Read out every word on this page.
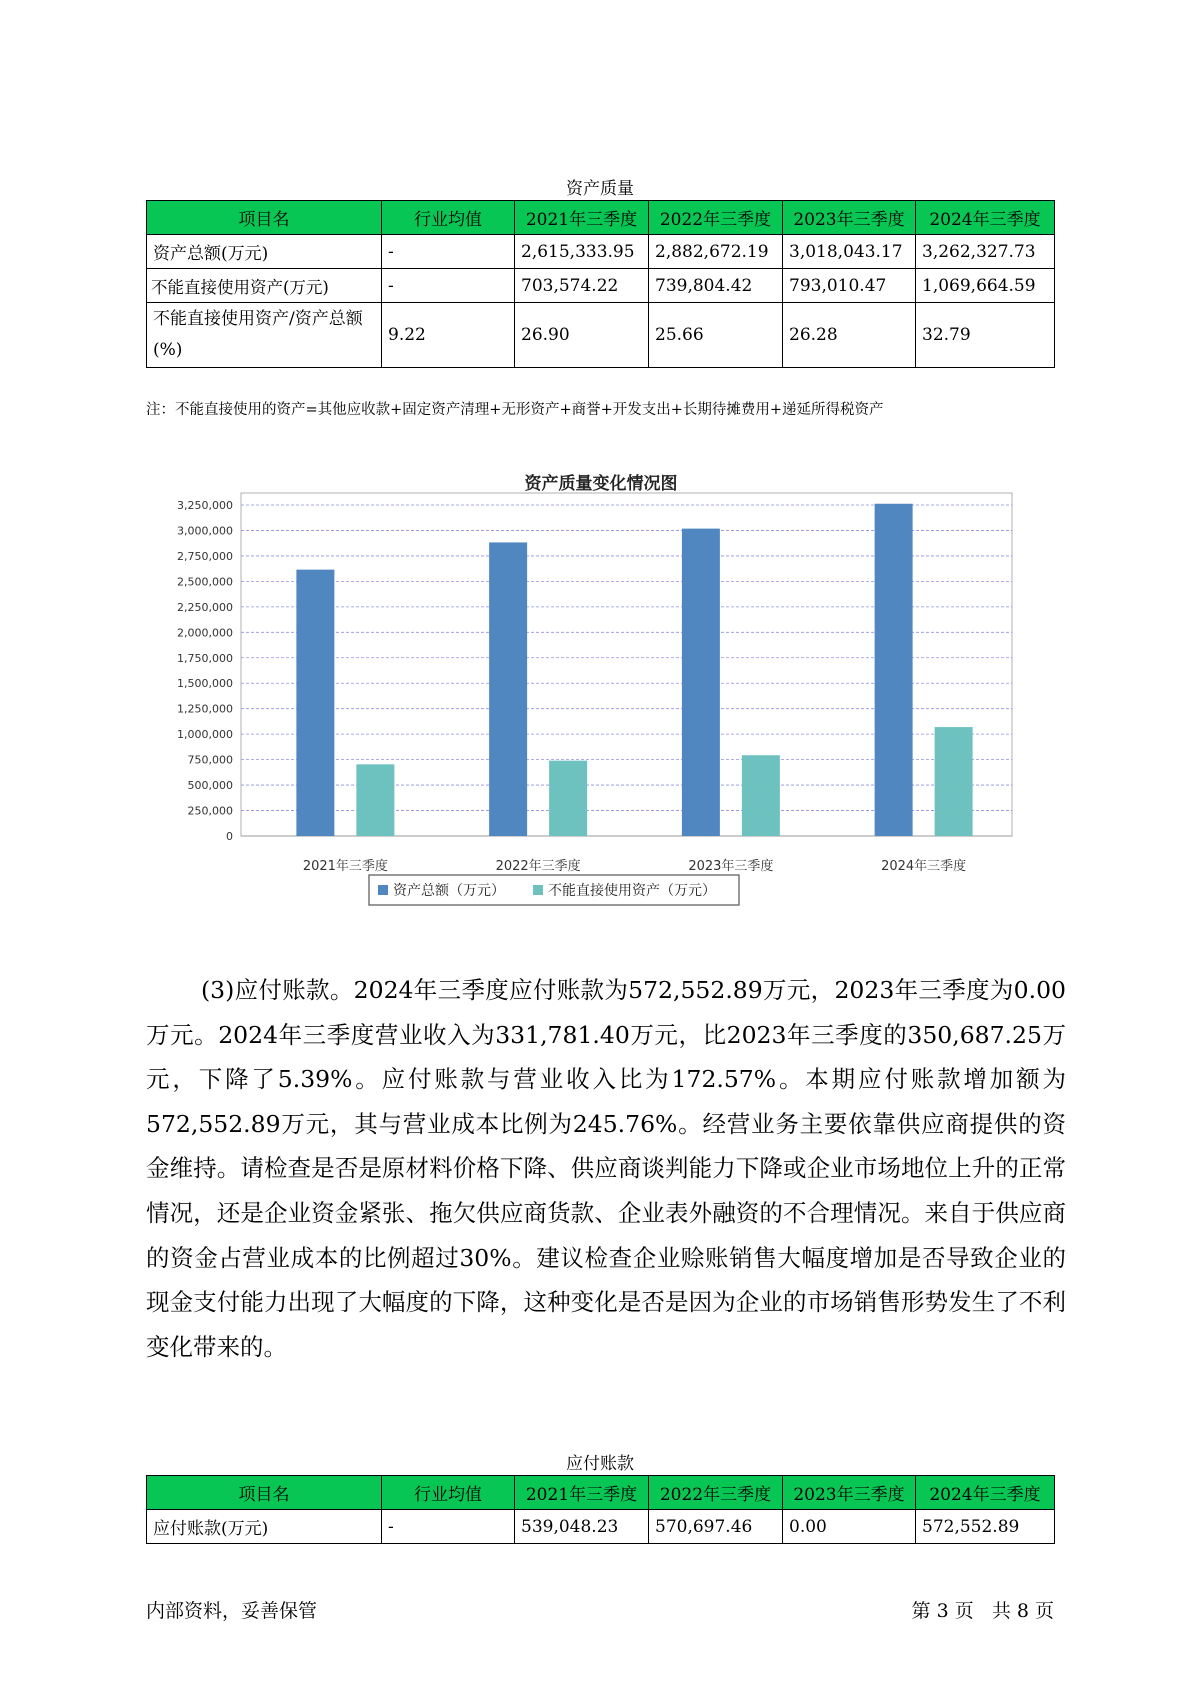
资产质量
项目名	行业均值	2021年三季度	2022年三季度	2023年三季度	2024年三季度
资产总额(万元)	-	2,615,333.95	2,882,672.19	3,018,043.17	3,262,327.73
不能直接使用资产(万元)	-	703,574.22	739,804.42	793,010.47	1,069,664.59
不能直接使用资产/资产总额(%)	9.22	26.90	25.66	26.28	32.79
注：不能直接使用的资产=其他应收款+固定资产清理+无形资产+商誉+开发支出+长期待摊费用+递延所得税资产
资产质量变化情况图
0
250,000
500,000
750,000
1,000,000
1,250,000
1,500,000
1,750,000
2,000,000
2,250,000
2,500,000
2,750,000
3,000,000
3,250,000
2021年三季度	2022年三季度	2023年三季度	2024年三季度
资产总额（万元）	不能直接使用资产（万元）

(3)应付账款。2024年三季度应付账款为572,552.89万元，2023年三季度为0.00万元。2024年三季度营业收入为331,781.40万元，比2023年三季度的350,687.25万元，下降了5.39%。应付账款与营业收入比为172.57%。本期应付账款增加额为572,552.89万元，其与营业成本比例为245.76%。经营业务主要依靠供应商提供的资金维持。请检查是否是原材料价格下降、供应商谈判能力下降或企业市场地位上升的正常情况，还是企业资金紧张、拖欠供应商货款、企业表外融资的不合理情况。来自于供应商的资金占营业成本的比例超过30%。建议检查企业赊账销售大幅度增加是否导致企业的现金支付能力出现了大幅度的下降，这种变化是否是因为企业的市场销售形势发生了不利变化带来的。

应付账款
项目名	行业均值	2021年三季度	2022年三季度	2023年三季度	2024年三季度
应付账款(万元)	-	539,048.23	570,697.46	0.00	572,552.89
内部资料，妥善保管	第 3 页   共 8 页
